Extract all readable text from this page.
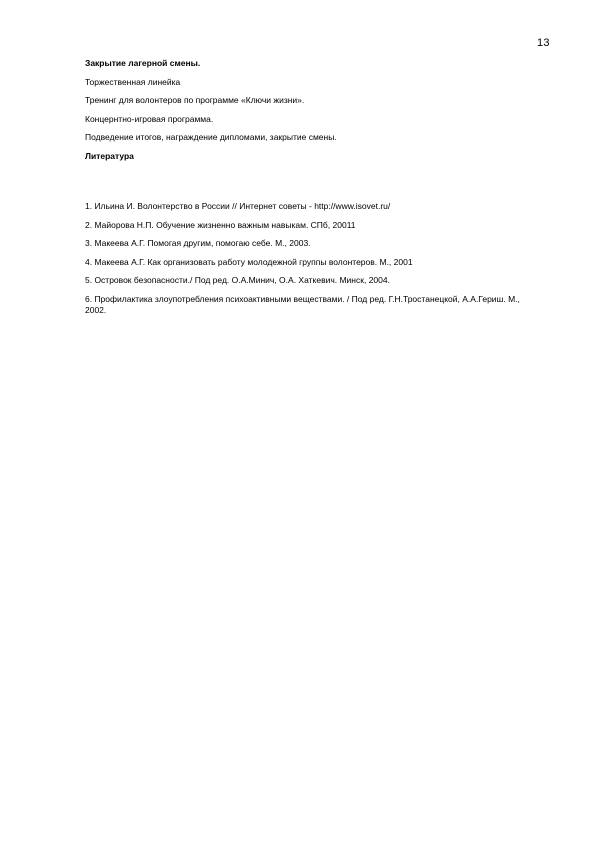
13

Закрытие лагерной смены.

Торжественная линейка

Тренинг для волонтеров по программе «Ключи жизни».

Концернтно-игровая программа.

Подведение итогов, награждение дипломами, закрытие смены.

Литература

1. Ильина И. Волонтерство в России // Интернет советы - http://www.isovet.ru/

2. Майорова Н.П. Обучение жизненно важным навыкам. СПб, 20011

3. Макеева А.Г. Помогая другим, помогаю себе. М., 2003.

4. Макеева А.Г. Как организовать работу молодежной группы волонтеров. М., 2001

5. Островок безопасности./ Под ред. О.А.Минич, О.А. Хаткевич. Минск, 2004.

6. Профилактика злоупотребления психоактивными веществами. / Под ред. Г.Н.Тростанецкой, А.А.Гериш. М., 2002.
